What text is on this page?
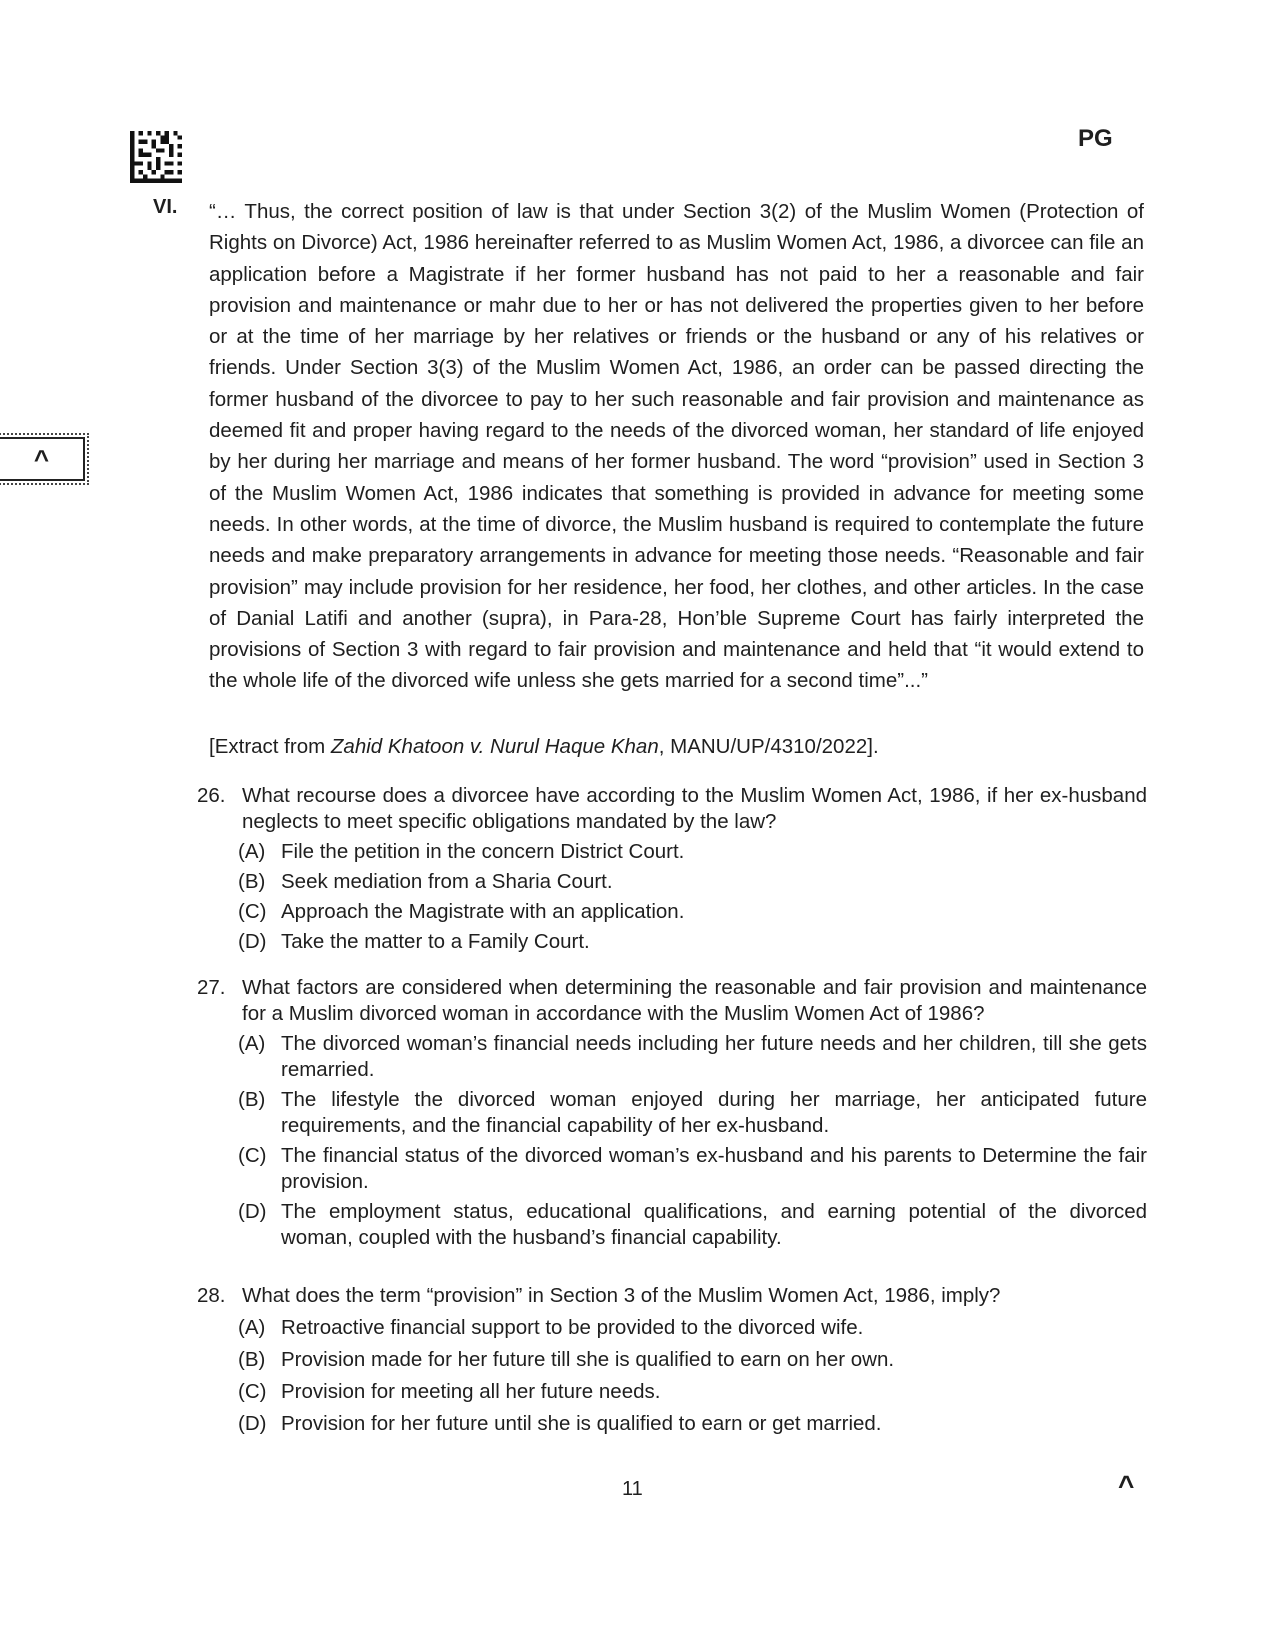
PG
^
VI. “… Thus, the correct position of law is that under Section 3(2) of the Muslim Women (Protection of Rights on Divorce) Act, 1986 hereinafter referred to as Muslim Women Act, 1986, a divorcee can file an application before a Magistrate if her former husband has not paid to her a reasonable and fair provision and maintenance or mahr due to her or has not delivered the properties given to her before or at the time of her marriage by her relatives or friends or the husband or any of his relatives or friends. Under Section 3(3) of the Muslim Women Act, 1986, an order can be passed directing the former husband of the divorcee to pay to her such reasonable and fair provision and maintenance as deemed fit and proper having regard to the needs of the divorced woman, her standard of life enjoyed by her during her marriage and means of her former husband. The word “provision” used in Section 3 of the Muslim Women Act, 1986 indicates that something is provided in advance for meeting some needs. In other words, at the time of divorce, the Muslim husband is required to contemplate the future needs and make preparatory arrangements in advance for meeting those needs. “Reasonable and fair provision” may include provision for her residence, her food, her clothes, and other articles. In the case of Danial Latifi and another (supra), in Para-28, Hon’ble Supreme Court has fairly interpreted the provisions of Section 3 with regard to fair provision and maintenance and held that “it would extend to the whole life of the divorced wife unless she gets married for a second time”...”

[Extract from Zahid Khatoon v. Nurul Haque Khan, MANU/UP/4310/2022].
26. What recourse does a divorcee have according to the Muslim Women Act, 1986, if her ex-husband neglects to meet specific obligations mandated by the law?
(A) File the petition in the concern District Court.
(B) Seek mediation from a Sharia Court.
(C) Approach the Magistrate with an application.
(D) Take the matter to a Family Court.
27. What factors are considered when determining the reasonable and fair provision and maintenance for a Muslim divorced woman in accordance with the Muslim Women Act of 1986?
(A) The divorced woman’s financial needs including her future needs and her children, till she gets remarried.
(B) The lifestyle the divorced woman enjoyed during her marriage, her anticipated future requirements, and the financial capability of her ex-husband.
(C) The financial status of the divorced woman’s ex-husband and his parents to Determine the fair provision.
(D) The employment status, educational qualifications, and earning potential of the divorced woman, coupled with the husband’s financial capability.
28. What does the term “provision” in Section 3 of the Muslim Women Act, 1986, imply?
(A) Retroactive financial support to be provided to the divorced wife.
(B) Provision made for her future till she is qualified to earn on her own.
(C) Provision for meeting all her future needs.
(D) Provision for her future until she is qualified to earn or get married.
11	^
